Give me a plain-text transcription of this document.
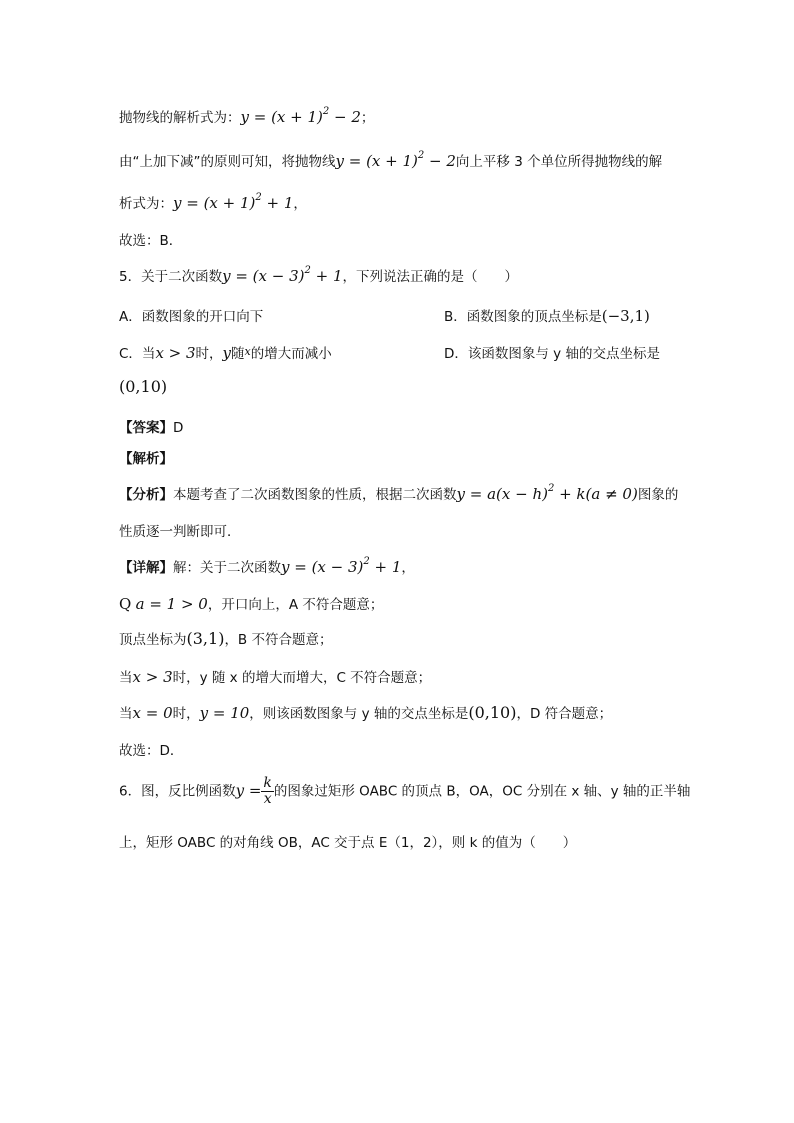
抛物线的解析式为：$y = (x + 1)^2 - 2$；
由“上加下减”的原则可知，将抛物线$y = (x + 1)^2 - 2$向上平移 3 个单位所得抛物线的解
析式为：$y = (x + 1)^2 + 1$，
故选：B．
5．关于二次函数$y = (x - 3)^2 + 1$，下列说法正确的是（　　）
A．函数图象的开口向下	B．函数图象的顶点坐标是(−3,1)
C．当x > 3时，y随$^x$的增大而减小	D．该函数图象与 y 轴的交点坐标是
(0,10)
【答案】D
【解析】
【分析】本题考查了二次函数图象的性质，根据二次函数$y = a(x - h)^2 + k(a \ne 0)$图象的
性质逐一判断即可．
【详解】解：关于二次函数$y = (x - 3)^2 + 1$，
Q a = 1 > 0，开口向上，A 不符合题意；
顶点坐标为(3,1)，B 不符合题意；
当x > 3时，y 随 x 的增大而增大，C 不符合题意；
当x = 0时，y = 10，则该函数图象与 y 轴的交点坐标是(0,10)，D 符合题意；
故选：D．
6．图，反比例函数$y = \frac{k}{x}$ 的图象过矩形 OABC 的顶点 B，OA，OC 分别在 x 轴、y 轴的正半轴
上，矩形 OABC 的对角线 OB，AC 交于点 E（1，2），则 k 的值为（　　）
